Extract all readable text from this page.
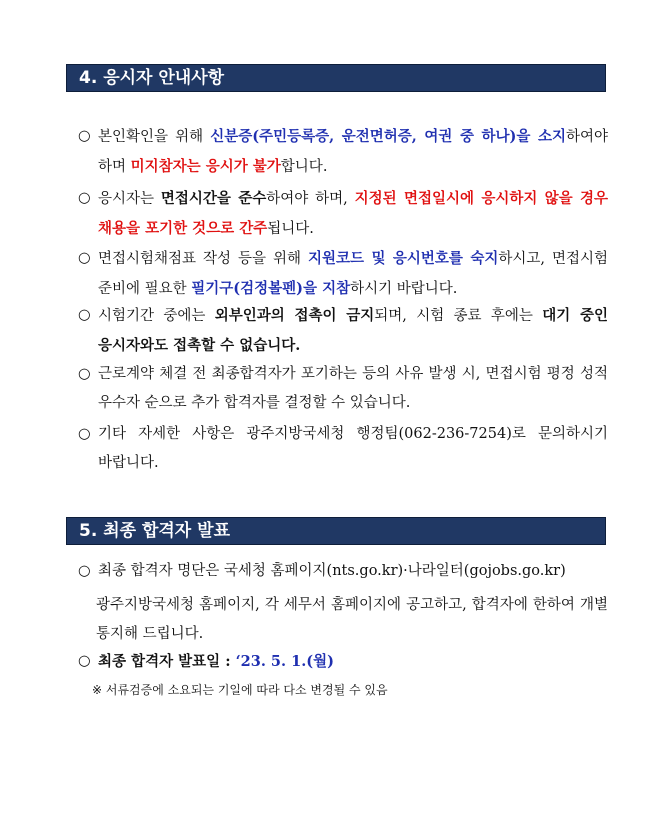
4. 응시자 안내사항
○ 본인확인을 위해 신분증(주민등록증, 운전면허증, 여권 중 하나)을 소지하여야 하며 미지참자는 응시가 불가합니다.
○ 응시자는 면접시간을 준수하여야 하며, 지정된 면접일시에 응시하지 않을 경우 채용을 포기한 것으로 간주됩니다.
○ 면접시험채점표 작성 등을 위해 지원코드 및 응시번호를 숙지하시고, 면접시험 준비에 필요한 필기구(검정볼펜)을 지참하시기 바랍니다.
○ 시험기간 중에는 외부인과의 접촉이 금지되며, 시험 종료 후에는 대기 중인 응시자와도 접촉할 수 없습니다.
○ 근로계약 체결 전 최종합격자가 포기하는 등의 사유 발생 시, 면접시험 평정 성적 우수자 순으로 추가 합격자를 결정할 수 있습니다.
○ 기타 자세한 사항은 광주지방국세청 행정팀(062-236-7254)로 문의하시기 바랍니다.
5. 최종 합격자 발표
○ 최종 합격자 명단은 국세청 홈페이지(nts.go.kr)·나라일터(gojobs.go.kr)
광주지방국세청 홈페이지, 각 세무서 홈페이지에 공고하고, 합격자에 한하여 개별 통지해 드립니다.
○ 최종 합격자 발표일 : ‘23. 5. 1.(월)
※ 서류검증에 소요되는 기일에 따라 다소 변경될 수 있음
